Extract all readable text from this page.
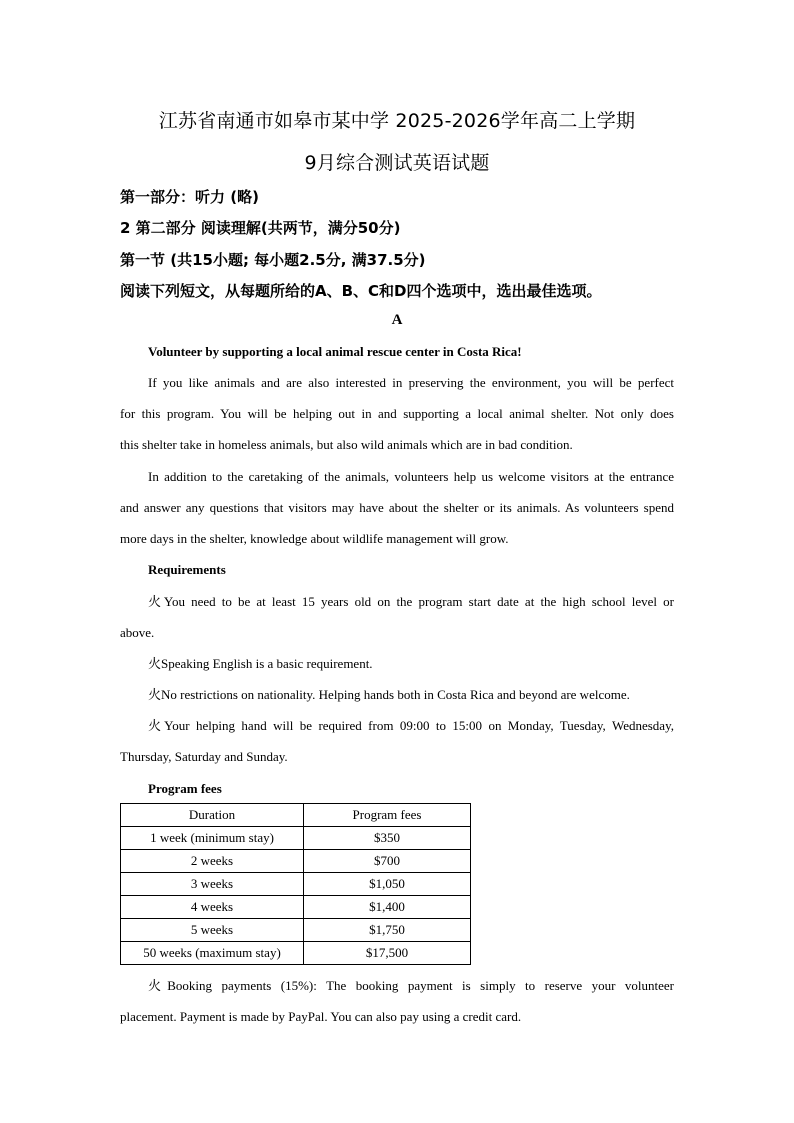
江苏省南通市如皋市某中学 2025-2026学年高二上学期
9月综合测试英语试题
第一部分：听力 (略)
2 第二部分 阅读理解(共两节，满分50分)
第一节 (共15小题; 每小题2.5分, 满37.5分)
阅读下列短文，从每题所给的A、B、C和D四个选项中，选出最佳选项。
A
Volunteer by supporting a local animal rescue center in Costa Rica!
If you like animals and are also interested in preserving the environment, you will be perfect
for this program. You will be helping out in and supporting a local animal shelter. Not only does
this shelter take in homeless animals, but also wild animals which are in bad condition.
In addition to the caretaking of the animals, volunteers help us welcome visitors at the entrance
and answer any questions that visitors may have about the shelter or its animals. As volunteers spend
more days in the shelter, knowledge about wildlife management will grow.
Requirements
火You need to be at least 15 years old on the program start date at the high school level or
above.
火Speaking English is a basic requirement.
火No restrictions on nationality. Helping hands both in Costa Rica and beyond are welcome.
火Your helping hand will be required from 09:00 to 15:00 on Monday, Tuesday, Wednesday,
Thursday, Saturday and Sunday.
Program fees
Duration	Program fees
1 week (minimum stay)	$350
2 weeks	$700
3 weeks	$1,050
4 weeks	$1,400
5 weeks	$1,750
50 weeks (maximum stay)	$17,500
火Booking payments (15%): The booking payment is simply to reserve your volunteer
placement. Payment is made by PayPal. You can also pay using a credit card.
